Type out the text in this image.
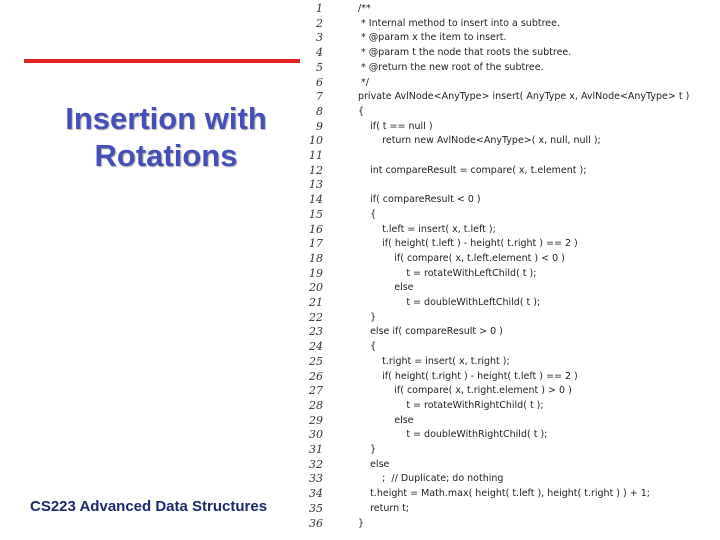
Insertion with
Rotations
CS223 Advanced Data Structures
1	/**
2	* Internal method to insert into a subtree.
3	* @param x the item to insert.
4	* @param t the node that roots the subtree.
5	* @return the new root of the subtree.
6	*/
7	private AvlNode<AnyType> insert( AnyType x, AvlNode<AnyType> t )
8	{
9	if( t == null )
10	return new AvlNode<AnyType>( x, null, null );
11
12	int compareResult = compare( x, t.element );
13
14	if( compareResult < 0 )
15	{
16	t.left = insert( x, t.left );
17	if( height( t.left ) - height( t.right ) == 2 )
18	if( compare( x, t.left.element ) < 0 )
19	t = rotateWithLeftChild( t );
20	else
21	t = doubleWithLeftChild( t );
22	}
23	else if( compareResult > 0 )
24	{
25	t.right = insert( x, t.right );
26	if( height( t.right ) - height( t.left ) == 2 )
27	if( compare( x, t.right.element ) > 0 )
28	t = rotateWithRightChild( t );
29	else
30	t = doubleWithRightChild( t );
31	}
32	else
33	;  // Duplicate; do nothing
34	t.height = Math.max( height( t.left ), height( t.right ) ) + 1;
35	return t;
36	}
